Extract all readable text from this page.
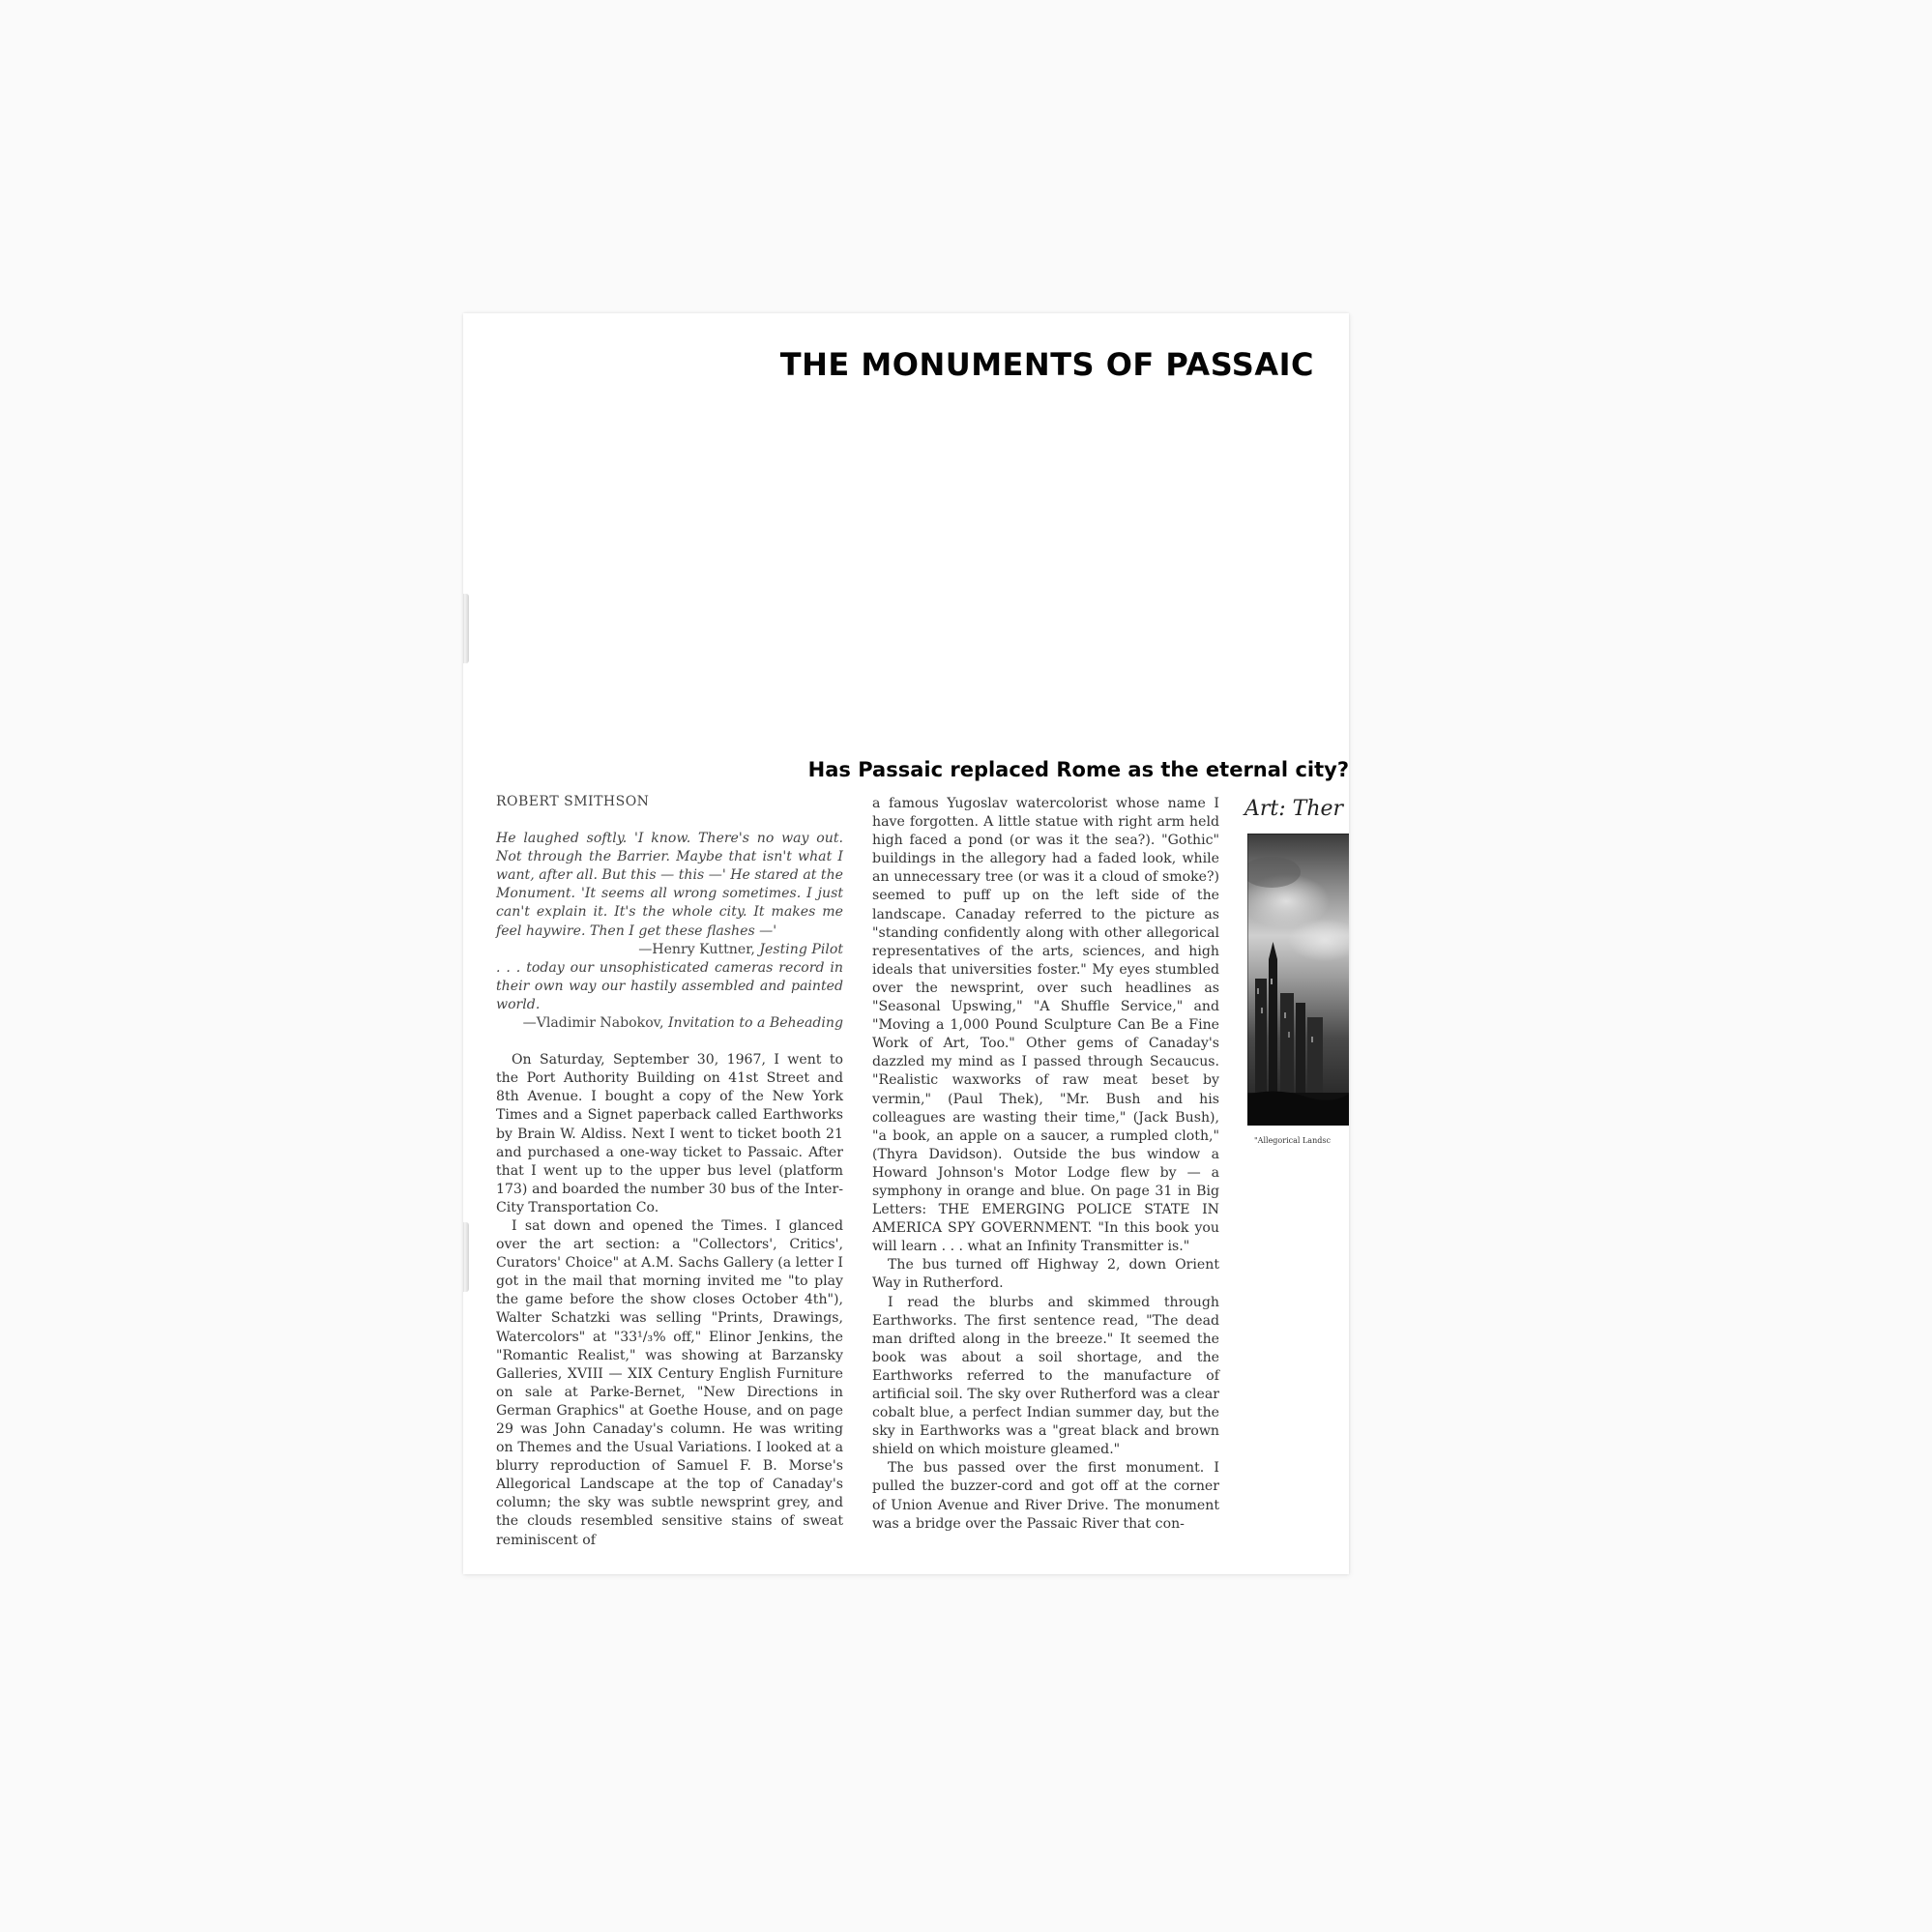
THE MONUMENTS OF PASSAIC
Has Passaic replaced Rome as the eternal city?

ROBERT SMITHSON

He laughed softly. 'I know. There's no way out. Not through the Barrier. Maybe that isn't what I want, after all. But this — this —' He stared at the Monument. 'It seems all wrong sometimes. I just can't explain it. It's the whole city. It makes me feel haywire. Then I get these flashes —'

—Henry Kuttner, Jesting Pilot

. . . today our unsophisticated cameras record in their own way our hastily assembled and painted world.

—Vladimir Nabokov, Invitation to a Beheading

On Saturday, September 30, 1967, I went to the Port Authority Building on 41st Street and 8th Avenue. I bought a copy of the New York Times and a Signet paperback called Earthworks by Brain W. Aldiss. Next I went to ticket booth 21 and purchased a one-way ticket to Passaic. After that I went up to the upper bus level (platform 173) and boarded the number 30 bus of the Inter-City Transportation Co.

I sat down and opened the Times. I glanced over the art section: a "Collectors', Critics', Curators' Choice" at A.M. Sachs Gallery (a letter I got in the mail that morning invited me "to play the game before the show closes October 4th"), Walter Schatzki was selling "Prints, Drawings, Watercolors" at "33¹/₃% off," Elinor Jenkins, the "Romantic Realist," was showing at Barzansky Galleries, XVIII — XIX Century English Furniture on sale at Parke-Bernet, "New Directions in German Graphics" at Goethe House, and on page 29 was John Canaday's column. He was writing on Themes and the Usual Variations. I looked at a blurry reproduction of Samuel F. B. Morse's Allegorical Landscape at the top of Canaday's column; the sky was subtle newsprint grey, and the clouds resembled sensitive stains of sweat reminiscent of

a famous Yugoslav watercolorist whose name I have forgotten. A little statue with right arm held high faced a pond (or was it the sea?). "Gothic" buildings in the allegory had a faded look, while an unnecessary tree (or was it a cloud of smoke?) seemed to puff up on the left side of the landscape. Canaday referred to the picture as "standing confidently along with other allegorical representatives of the arts, sciences, and high ideals that universities foster." My eyes stumbled over the newsprint, over such headlines as "Seasonal Upswing," "A Shuffle Service," and "Moving a 1,000 Pound Sculpture Can Be a Fine Work of Art, Too." Other gems of Canaday's dazzled my mind as I passed through Secaucus. "Realistic waxworks of raw meat beset by vermin," (Paul Thek), "Mr. Bush and his colleagues are wasting their time," (Jack Bush), "a book, an apple on a saucer, a rumpled cloth," (Thyra Davidson). Outside the bus window a Howard Johnson's Motor Lodge flew by — a symphony in orange and blue. On page 31 in Big Letters: THE EMERGING POLICE STATE IN AMERICA SPY GOVERNMENT. "In this book you will learn . . . what an Infinity Transmitter is."

The bus turned off Highway 2, down Orient Way in Rutherford.

I read the blurbs and skimmed through Earthworks. The first sentence read, "The dead man drifted along in the breeze." It seemed the book was about a soil shortage, and the Earthworks referred to the manufacture of artificial soil. The sky over Rutherford was a clear cobalt blue, a perfect Indian summer day, but the sky in Earthworks was a "great black and brown shield on which moisture gleamed."

The bus passed over the first monument. I pulled the buzzer-cord and got off at the corner of Union Avenue and River Drive. The monument was a bridge over the Passaic River that con-

Art: Ther
"Allegorical Landsc
